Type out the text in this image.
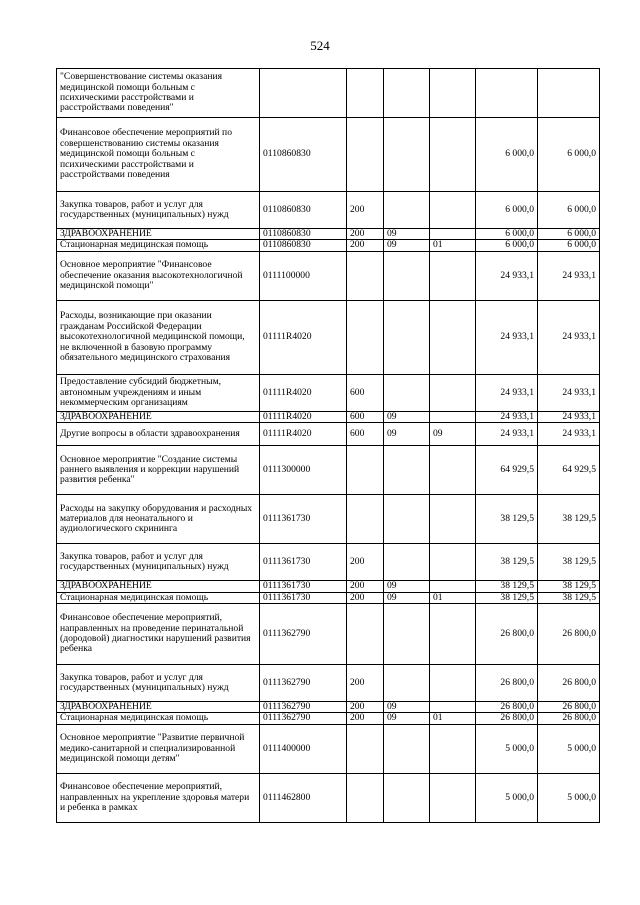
524
"Совершенствование системы оказания медицинской помощи больным с психическими расстройствами и расстройствами поведения"						
Финансовое обеспечение мероприятий по совершенствованию системы оказания медицинской помощи больным с психическими расстройствами и расстройствами поведения	0110860830				6 000,0	6 000,0
Закупка товаров, работ и услуг для государственных (муниципальных) нужд	0110860830	200			6 000,0	6 000,0
ЗДРАВООХРАНЕНИЕ	0110860830	200	09		6 000,0	6 000,0
Стационарная медицинская помощь	0110860830	200	09	01	6 000,0	6 000,0
Основное мероприятие "Финансовое обеспечение оказания высокотехнологичной медицинской помощи"	0111100000				24 933,1	24 933,1
Расходы, возникающие при оказании гражданам Российской Федерации высокотехнологичной медицинской помощи, не включенной в базовую программу обязательного медицинского страхования	01111R4020				24 933,1	24 933,1
Предоставление субсидий бюджетным, автономным учреждениям и иным некоммерческим организациям	01111R4020	600			24 933,1	24 933,1
ЗДРАВООХРАНЕНИЕ	01111R4020	600	09		24 933,1	24 933,1
Другие вопросы в области здравоохранения	01111R4020	600	09	09	24 933,1	24 933,1
Основное мероприятие "Создание системы раннего выявления и коррекции нарушений развития ребенка"	0111300000				64 929,5	64 929,5
Расходы на закупку оборудования и расходных материалов для неонатального и аудиологического скрининга	0111361730				38 129,5	38 129,5
Закупка товаров, работ и услуг для государственных (муниципальных) нужд	0111361730	200			38 129,5	38 129,5
ЗДРАВООХРАНЕНИЕ	0111361730	200	09		38 129,5	38 129,5
Стационарная медицинская помощь	0111361730	200	09	01	38 129,5	38 129,5
Финансовое обеспечение мероприятий, направленных на проведение перинатальной (дородовой) диагностики нарушений развития ребенка	0111362790				26 800,0	26 800,0
Закупка товаров, работ и услуг для государственных (муниципальных) нужд	0111362790	200			26 800,0	26 800,0
ЗДРАВООХРАНЕНИЕ	0111362790	200	09		26 800,0	26 800,0
Стационарная медицинская помощь	0111362790	200	09	01	26 800,0	26 800,0
Основное мероприятие "Развитие первичной медико-санитарной и специализированной медицинской помощи детям"	0111400000				5 000,0	5 000,0
Финансовое обеспечение мероприятий, направленных на укрепление здоровья матери и ребенка в рамках	0111462800				5 000,0	5 000,0
